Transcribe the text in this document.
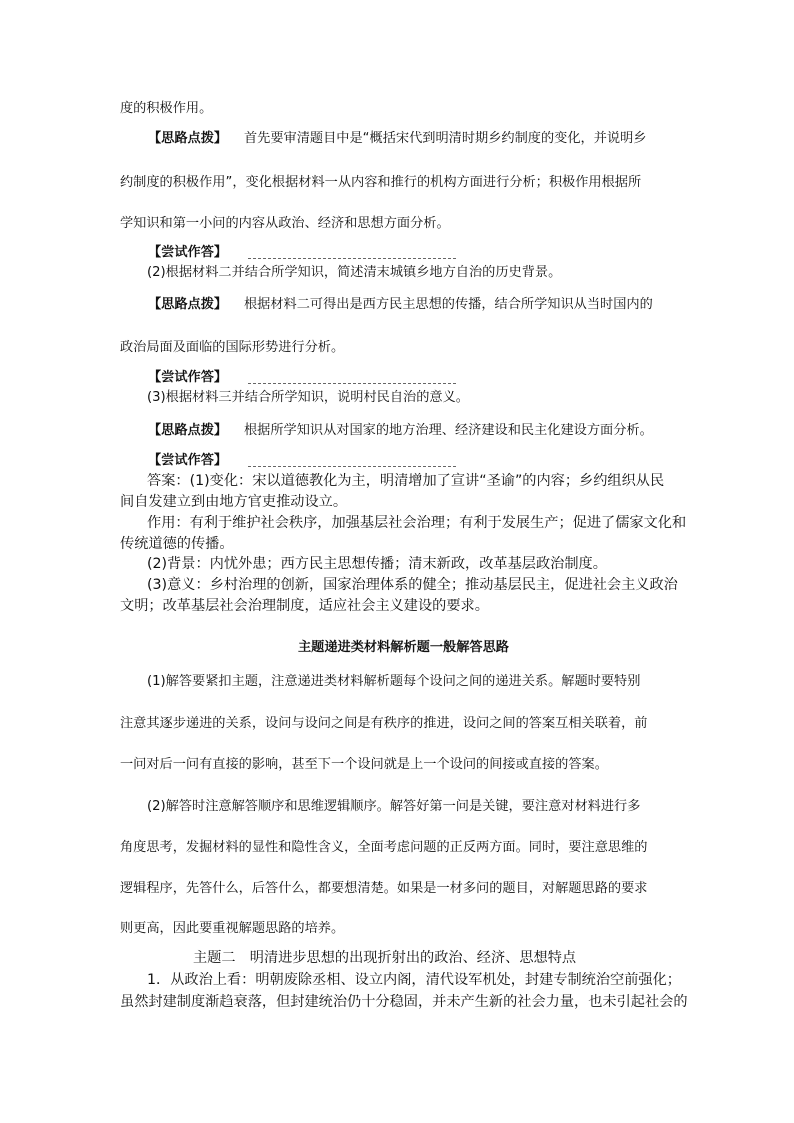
度的积极作用。
【思路点拨】 首先要审清题目中是“概括宋代到明清时期乡约制度的变化，并说明乡
约制度的积极作用”，变化根据材料一从内容和推行的机构方面进行分析；积极作用根据所
学知识和第一小问的内容从政治、经济和思想方面分析。
【尝试作答】
(2)根据材料二并结合所学知识，简述清末城镇乡地方自治的历史背景。
【思路点拨】 根据材料二可得出是西方民主思想的传播，结合所学知识从当时国内的
政治局面及面临的国际形势进行分析。
【尝试作答】
(3)根据材料三并结合所学知识，说明村民自治的意义。
【思路点拨】 根据所学知识从对国家的地方治理、经济建设和民主化建设方面分析。
【尝试作答】
答案：(1)变化：宋以道德教化为主，明清增加了宣讲“圣谕”的内容；乡约组织从民
间自发建立到由地方官吏推动设立。
作用：有利于维护社会秩序，加强基层社会治理；有利于发展生产；促进了儒家文化和
传统道德的传播。
(2)背景：内忧外患；西方民主思想传播；清末新政，改革基层政治制度。
(3)意义：乡村治理的创新，国家治理体系的健全；推动基层民主，促进社会主义政治
文明；改革基层社会治理制度，适应社会主义建设的要求。
主题递进类材料解析题一般解答思路
(1)解答要紧扣主题，注意递进类材料解析题每个设问之间的递进关系。解题时要特别
注意其逐步递进的关系，设问与设问之间是有秩序的推进，设问之间的答案互相关联着，前
一问对后一问有直接的影响，甚至下一个设问就是上一个设问的间接或直接的答案。
(2)解答时注意解答顺序和思维逻辑顺序。解答好第一问是关键，要注意对材料进行多
角度思考，发掘材料的显性和隐性含义，全面考虑问题的正反两方面。同时，要注意思维的
逻辑程序，先答什么，后答什么，都要想清楚。如果是一材多问的题目，对解题思路的要求
则更高，因此要重视解题思路的培养。
主题二　明清进步思想的出现折射出的政治、经济、思想特点
1．从政治上看：明朝废除丞相、设立内阁，清代设军机处，封建专制统治空前强化；
虽然封建制度渐趋衰落，但封建统治仍十分稳固，并未产生新的社会力量，也未引起社会的
